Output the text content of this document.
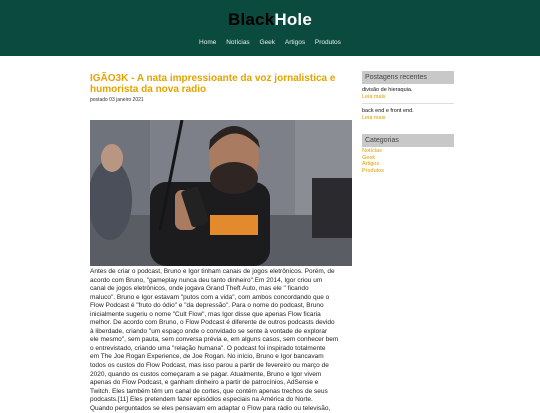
BlackHole
Home Notícias Geek Artigos Produtos
IGÃO3K - A nata impressioante da voz jornalistica e
humorista da nova radio
postado 03 janeiro 2021
Antes de criar o podcast, Bruno e Igor tinham canais de jogos eletrônicos. Porém, de
acordo com Bruno, "gameplay nunca deu tanto dinheiro".Em 2014, Igor criou um
canal de jogos eletrônicos, onde jogava Grand Theft Auto, mas ele " ficando
maluco". Bruno e Igor estavam "putos com a vida", com ambos concordando que o
Flow Podcast é "fruto do ódio" e "da depressão". Para o nome do podcast, Bruno
inicialmente sugeriu o nome "Cult Flow", mas Igor disse que apenas Flow ficaria
melhor. De acordo com Bruno, o Flow Podcast é diferente de outros podcasts devido
à liberdade, criando "um espaço onde o convidado se sente à vontade de explorar
ele mesmo", sem pauta, sem conversa prévia e, em alguns casos, sem conhecer bem
o entrevistado, criando uma "relação humana". O podcast foi inspirado totalmente
em The Joe Rogan Experience, de Joe Rogan. No início, Bruno e Igor bancavam
todos os custos do Flow Podcast, mas isso parou a partir de fevereiro ou março de
2020, quando os custos começaram a se pagar. Atualmente, Bruno e Igor vivem
apenas do Flow Podcast, e ganham dinheiro a partir de patrocínios, AdSense e
Twitch. Eles também têm um canal de cortes, que contém apenas trechos de seus
podcasts.[11] Eles pretendem fazer episódios especiais na América do Norte.
Quando perguntados se eles pensavam em adaptar o Flow para rádio ou televisão,
Postagens recentes
divisão de hieraquia.
Leia mais
back end e front end.
Leia mais
Categorias
Notícias
Geek
Artigos
Produtos
